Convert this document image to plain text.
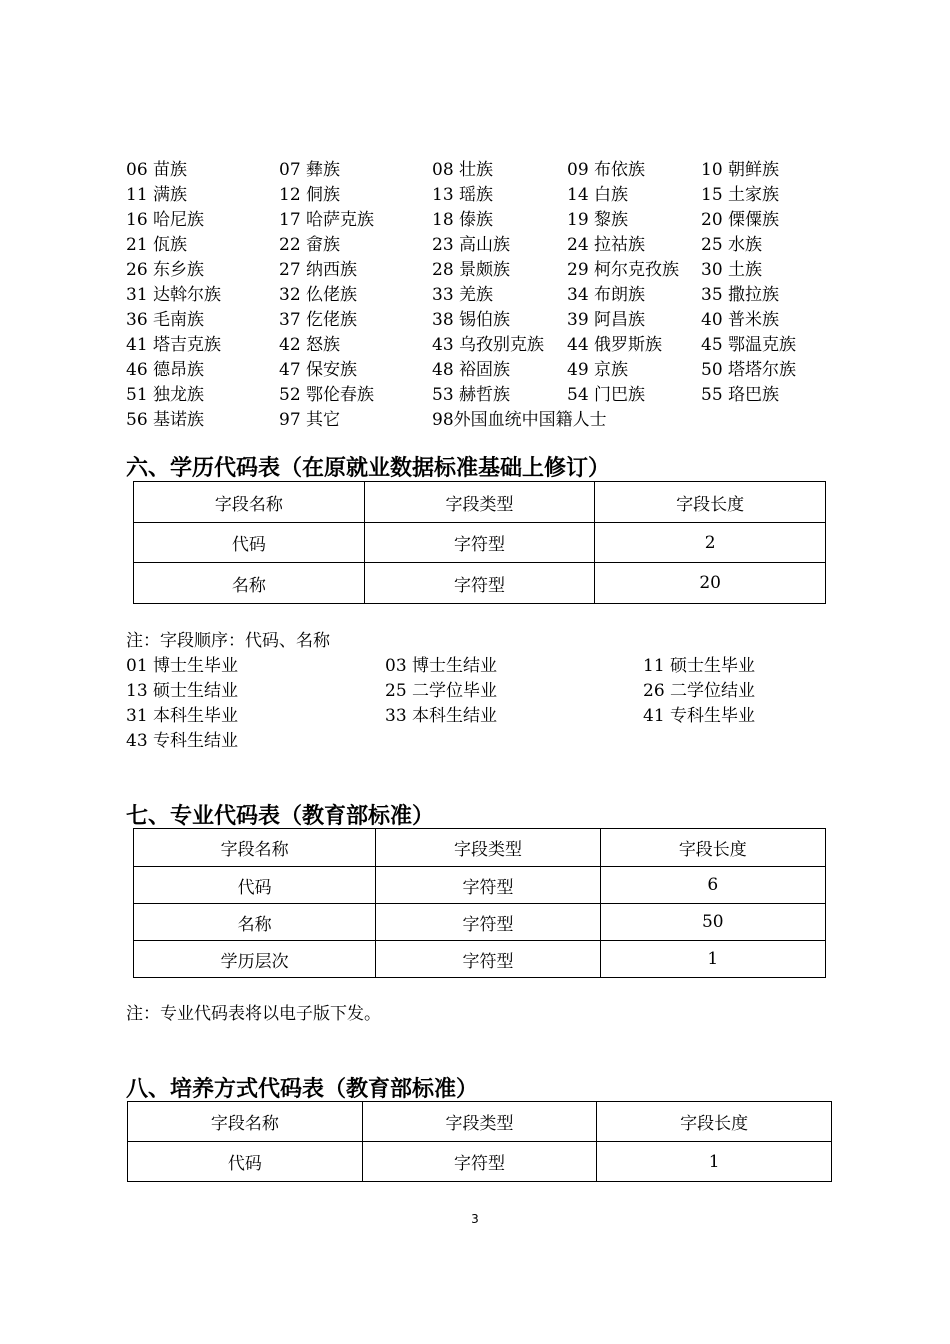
06 苗族	07 彝族	08 壮族	09 布依族	10 朝鲜族
11 满族	12 侗族	13 瑶族	14 白族	15 土家族
16 哈尼族	17 哈萨克族	18 傣族	19 黎族	20 傈僳族
21 佤族	22 畲族	23 高山族	24 拉祜族	25 水族
26 东乡族	27 纳西族	28 景颇族	29 柯尔克孜族 30 土族
31 达斡尔族	32 仫佬族	33 羌族	34 布朗族	35 撒拉族
36 毛南族	37 仡佬族	38 锡伯族	39 阿昌族	40 普米族
41 塔吉克族	42 怒族	43 乌孜别克族 44 俄罗斯族 45 鄂温克族
46 德昂族	47 保安族	48 裕固族	49 京族	50 塔塔尔族
51 独龙族	52 鄂伦春族	53 赫哲族	54 门巴族	55 珞巴族
56 基诺族	97 其它	98外国血统中国籍人士
六、学历代码表（在原就业数据标准基础上修订）
字段名称	字段类型	字段长度
代码	字符型	2
名称	字符型	20
注：字段顺序：代码、名称
01 博士生毕业	03 博士生结业	11 硕士生毕业
13 硕士生结业	25 二学位毕业	26 二学位结业
31 本科生毕业	33 本科生结业	41 专科生毕业
43 专科生结业
七、专业代码表（教育部标准）
字段名称	字段类型	字段长度
代码	字符型	6
名称	字符型	50
学历层次	字符型	1
注：专业代码表将以电子版下发。
八、培养方式代码表（教育部标准）
字段名称	字段类型	字段长度
代码	字符型	1
3
